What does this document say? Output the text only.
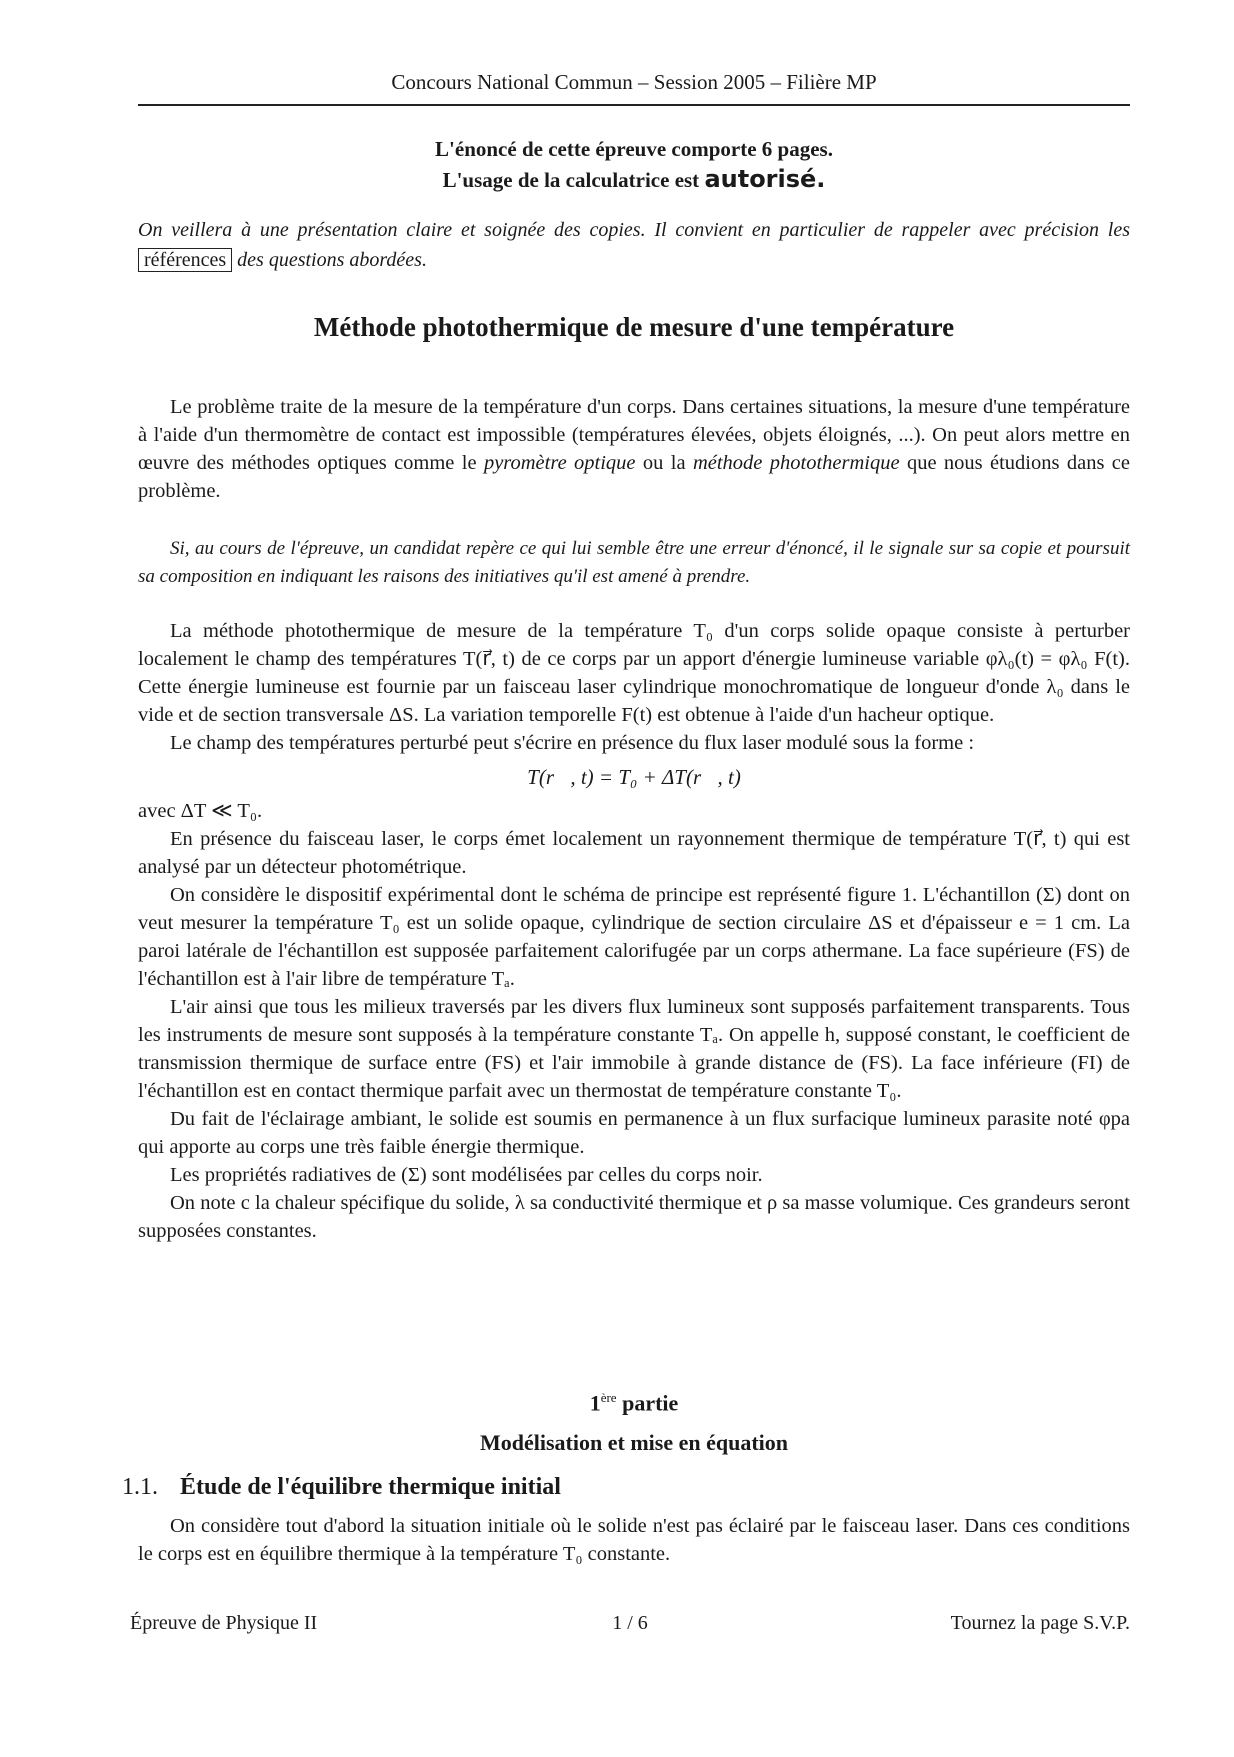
Concours National Commun – Session 2005 – Filière MP
L'énoncé de cette épreuve comporte 6 pages.
L'usage de la calculatrice est autorisé.
On veillera à une présentation claire et soignée des copies. Il convient en particulier de rappeler avec précision les références des questions abordées.
Méthode photothermique de mesure d'une température

Le problème traite de la mesure de la température d'un corps. Dans certaines situations, la mesure d'une température à l'aide d'un thermomètre de contact est impossible (températures élevées, objets éloignés, ...). On peut alors mettre en œuvre des méthodes optiques comme le pyromètre optique ou la méthode photothermique que nous étudions dans ce problème.

Si, au cours de l'épreuve, un candidat repère ce qui lui semble être une erreur d'énoncé, il le signale sur sa copie et poursuit sa composition en indiquant les raisons des initiatives qu'il est amené à prendre.

La méthode photothermique de mesure de la température T₀ d'un corps solide opaque consiste à perturber localement le champ des températures T(r⃗, t) de ce corps par un apport d'énergie lumineuse variable φλ₀(t) = φλ₀ F(t). Cette énergie lumineuse est fournie par un faisceau laser cylindrique monochromatique de longueur d'onde λ₀ dans le vide et de section transversale ΔS. La variation temporelle F(t) est obtenue à l'aide d'un hacheur optique.

Le champ des températures perturbé peut s'écrire en présence du flux laser modulé sous la forme :

T(r⃗, t) = T₀ + ΔT(r⃗, t)

avec ΔT ≪ T₀.

En présence du faisceau laser, le corps émet localement un rayonnement thermique de température T(r⃗, t) qui est analysé par un détecteur photométrique.

On considère le dispositif expérimental dont le schéma de principe est représenté figure 1. L'échantillon (Σ) dont on veut mesurer la température T₀ est un solide opaque, cylindrique de section circulaire ΔS et d'épaisseur e = 1 cm. La paroi latérale de l'échantillon est supposée parfaitement calorifugée par un corps athermane. La face supérieure (FS) de l'échantillon est à l'air libre de température Tₐ.

L'air ainsi que tous les milieux traversés par les divers flux lumineux sont supposés parfaitement transparents. Tous les instruments de mesure sont supposés à la température constante Tₐ. On appelle h, supposé constant, le coefficient de transmission thermique de surface entre (FS) et l'air immobile à grande distance de (FS). La face inférieure (FI) de l'échantillon est en contact thermique parfait avec un thermostat de température constante T₀.

Du fait de l'éclairage ambiant, le solide est soumis en permanence à un flux surfacique lumineux parasite noté φpa qui apporte au corps une très faible énergie thermique.

Les propriétés radiatives de (Σ) sont modélisées par celles du corps noir.

On note c la chaleur spécifique du solide, λ sa conductivité thermique et ρ sa masse volumique. Ces grandeurs seront supposées constantes.

1ère partie
Modélisation et mise en équation
1.1. Étude de l'équilibre thermique initial

On considère tout d'abord la situation initiale où le solide n'est pas éclairé par le faisceau laser. Dans ces conditions le corps est en équilibre thermique à la température T₀ constante.

Épreuve de Physique II	1 / 6	Tournez la page S.V.P.
